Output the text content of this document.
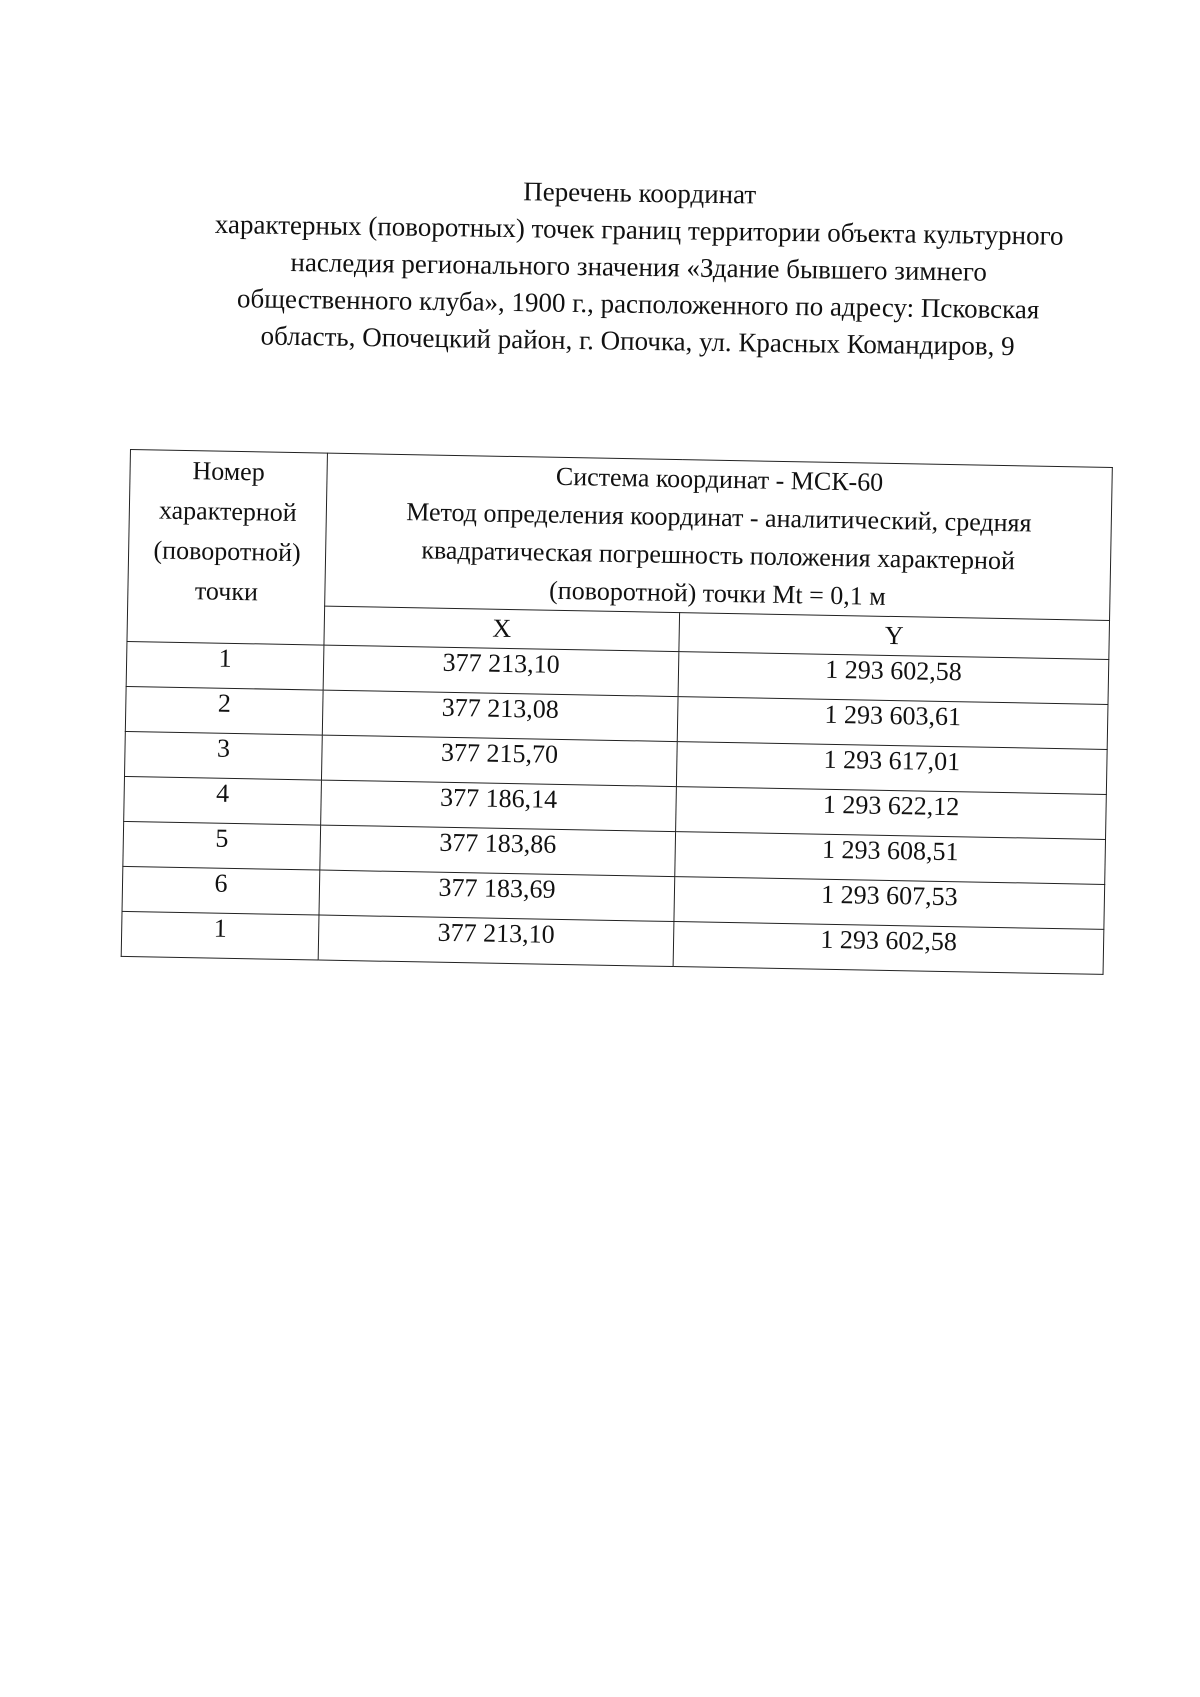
Перечень координат
характерных (поворотных) точек границ территории объекта культурного
наследия регионального значения «Здание бывшего зимнего
общественного клуба», 1900 г., расположенного по адресу: Псковская
область, Опочецкий район, г. Опочка, ул. Красных Командиров, 9
Номер
характерной
(поворотной)
точки	Система координат - МСК-60
Метод определения координат - аналитический, средняя
квадратическая погрешность положения характерной
(поворотной) точки Mt = 0,1 м	
	X	Y
1	377 213,10	1 293 602,58
2	377 213,08	1 293 603,61
3	377 215,70	1 293 617,01
4	377 186,14	1 293 622,12
5	377 183,86	1 293 608,51
6	377 183,69	1 293 607,53
1	377 213,10	1 293 602,58
